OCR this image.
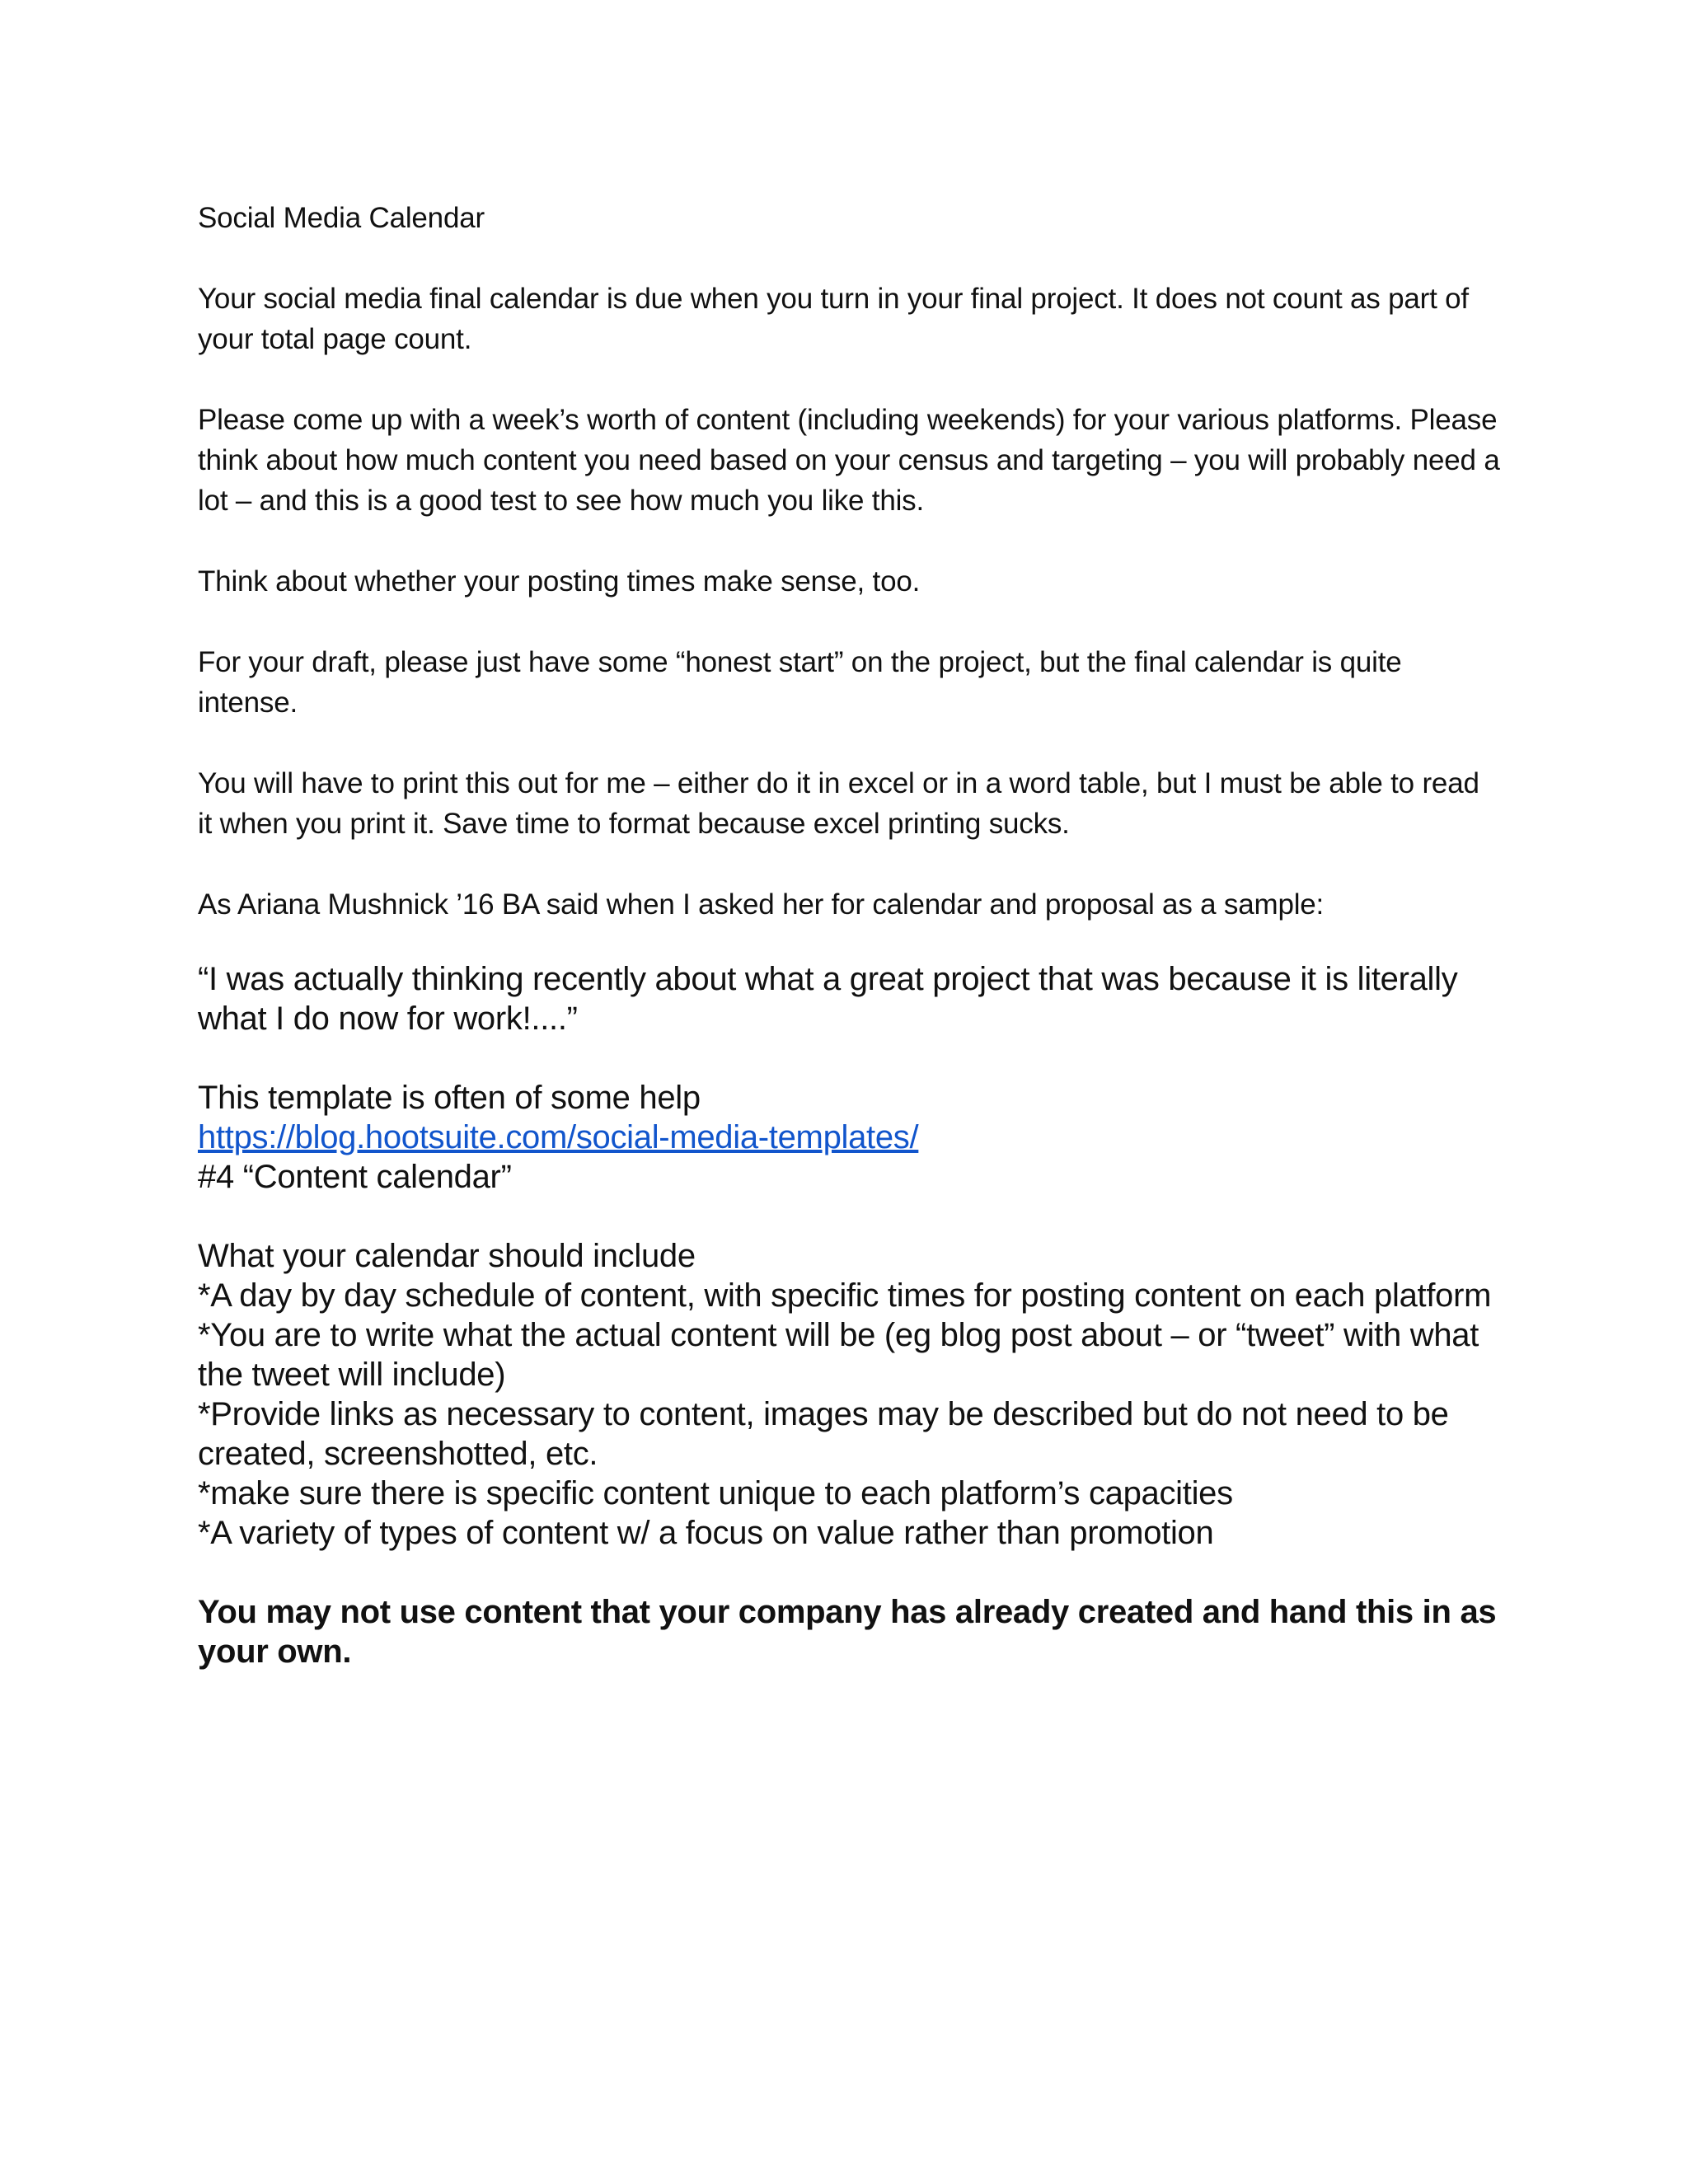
Social Media Calendar

Your social media final calendar is due when you turn in your final project. It does not count as part of your total page count.

Please come up with a week’s worth of content (including weekends) for your various platforms. Please think about how much content you need based on your census and targeting – you will probably need a lot – and this is a good test to see how much you like this.

Think about whether your posting times make sense, too.

For your draft, please just have some “honest start” on the project, but the final calendar is quite intense.

You will have to print this out for me – either do it in excel or in a word table, but I must be able to read it when you print it. Save time to format because excel printing sucks.

As Ariana Mushnick ’16 BA said when I asked her for calendar and proposal as a sample:

“I was actually thinking recently about what a great project that was because it is literally what I do now for work!....”

This template is often of some help

https://blog.hootsuite.com/social-media-templates/

#4 “Content calendar”

What your calendar should include

*A day by day schedule of content, with specific times for posting content on each platform

*You are to write what the actual content will be (eg blog post about – or “tweet” with what the tweet will include)

*Provide links as necessary to content, images may be described but do not need to be created, screenshotted, etc.

*make sure there is specific content unique to each platform’s capacities

*A variety of types of content w/ a focus on value rather than promotion

You may not use content that your company has already created and hand this in as your own.
